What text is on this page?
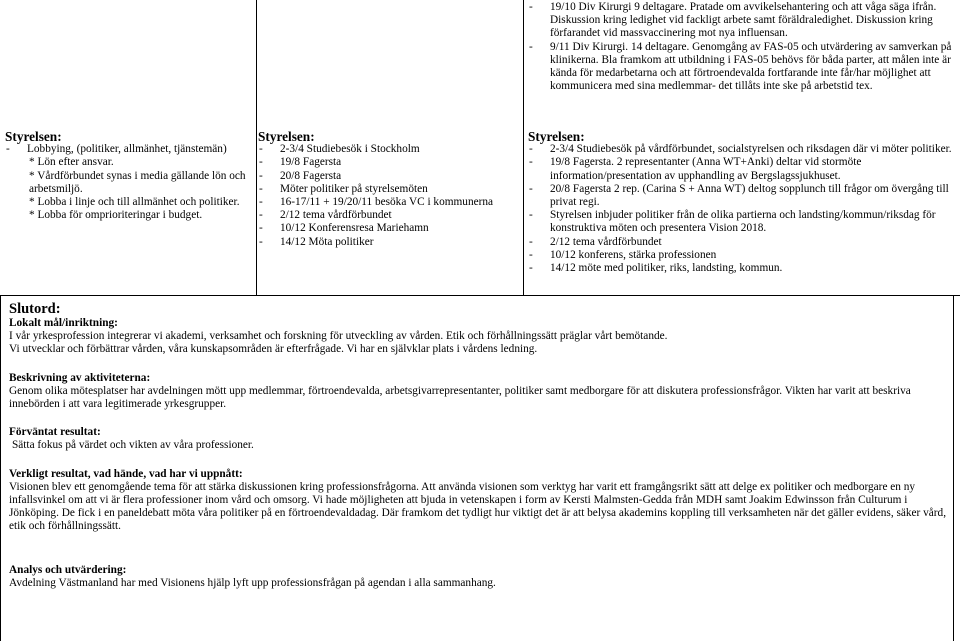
- 19/10 Div Kirurgi 9 deltagare. Pratade om avvikelsehantering och att våga säga ifrån. Diskussion kring ledighet vid fackligt arbete samt föräldraledighet. Diskussion kring förfarandet vid massvaccinering mot nya influensan.
- 9/11 Div Kirurgi. 14 deltagare. Genomgång av FAS-05 och utvärdering av samverkan på klinikerna. Bla framkom att utbildning i FAS-05 behövs för båda parter, att målen inte är kända för medarbetarna och att förtroendevalda fortfarande inte får/har möjlighet att kommunicera med sina medlemmar- det tillåts inte ske på arbetstid tex.
Styrelsen:
- Lobbying, (politiker, allmänhet, tjänstemän)
* Lön efter ansvar.
* Vårdförbundet synas i media gällande lön och arbetsmiljö.
* Lobba i linje och till allmänhet och politiker.
* Lobba för omprioriteringar i budget.
Styrelsen:
- 2-3/4 Studiebesök i Stockholm
- 19/8 Fagersta
- 20/8 Fagersta
- Möter politiker på styrelsemöten
- 16-17/11 + 19/20/11 besöka VC i kommunerna
- 2/12 tema vårdförbundet
- 10/12 Konferensresa Mariehamn
- 14/12 Möta politiker
Styrelsen:
- 2-3/4 Studiebesök på vårdförbundet, socialstyrelsen och riksdagen där vi möter politiker.
- 19/8 Fagersta. 2 representanter (Anna WT+Anki) deltar vid stormöte information/presentation av upphandling av Bergslagssjukhuset.
- 20/8 Fagersta 2 rep. (Carina S + Anna WT) deltog sopplunch till frågor om övergång till privat regi.
- Styrelsen inbjuder politiker från de olika partierna och landsting/kommun/riksdag för konstruktiva möten och presentera Vision 2018.
- 2/12 tema vårdförbundet
- 10/12 konferens, stärka professionen
- 14/12 möte med politiker, riks, landsting, kommun.
Slutord:
Lokalt mål/inriktning:

I vår yrkesprofession integrerar vi akademi, verksamhet och forskning för utveckling av vården. Etik och förhållningssätt präglar vårt bemötande.

Vi utvecklar och förbättrar vården, våra kunskapsområden är efterfrågade. Vi har en självklar plats i vårdens ledning.

Beskrivning av aktiviteterna:

Genom olika mötesplatser har avdelningen mött upp medlemmar, förtroendevalda, arbetsgivarrepresentanter, politiker samt medborgare för att diskutera professionsfrågor. Vikten har varit att beskriva innebörden i att vara legitimerade yrkesgrupper.

Förväntat resultat:

Sätta fokus på värdet och vikten av våra professioner.

Verkligt resultat, vad hände, vad har vi uppnått:

Visionen blev ett genomgående tema för att stärka diskussionen kring professionsfrågorna. Att använda visionen som verktyg har varit ett framgångsrikt sätt att delge ex politiker och medborgare en ny infallsvinkel om att vi är flera professioner inom vård och omsorg. Vi hade möjligheten att bjuda in vetenskapen i form av Kersti Malmsten-Gedda från MDH samt Joakim Edwinsson från Culturum i Jönköping. De fick i en paneldebatt möta våra politiker på en förtroendevaldadag. Där framkom det tydligt hur viktigt det är att belysa akademins koppling till verksamheten när det gäller evidens, säker vård, etik och förhållningssätt.

Analys och utvärdering:

Avdelning Västmanland har med Visionens hjälp lyft upp professionsfrågan på agendan i alla sammanhang.
